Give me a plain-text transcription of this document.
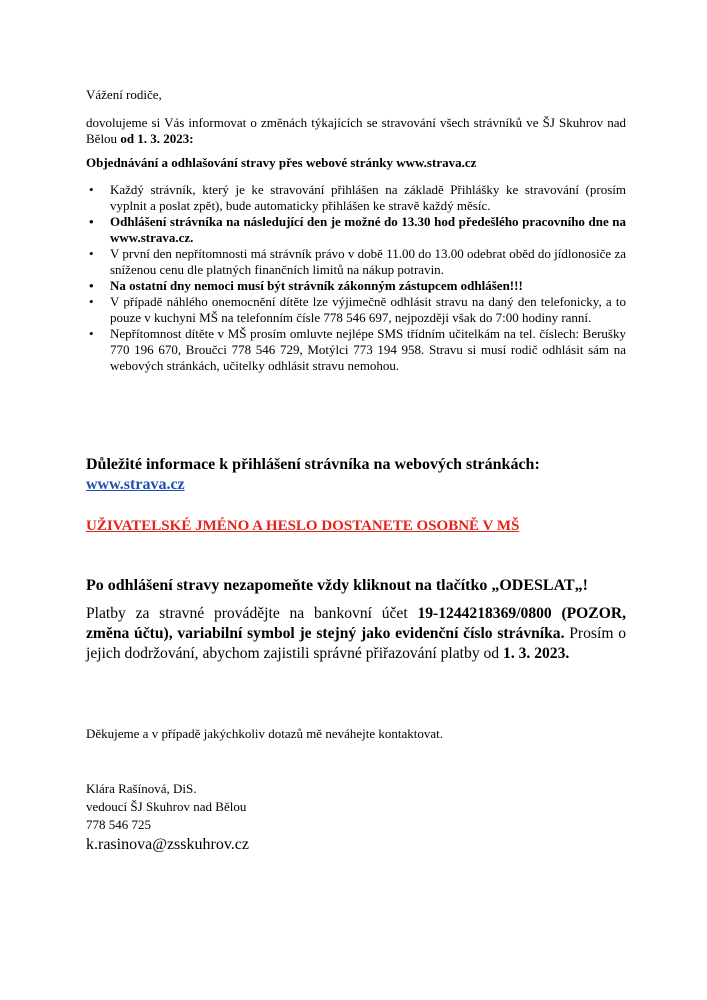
Vážení rodiče,

dovolujeme si Vás informovat o změnách týkajících se stravování všech strávníků ve ŠJ Skuhrov nad Bělou od 1. 3. 2023:

Objednávání a odhlašování stravy přes webové stránky www.strava.cz

• Každý strávník, který je ke stravování přihlášen na základě Přihlášky ke stravování (prosím vyplnit a poslat zpět), bude automaticky přihlášen ke stravě každý měsíc.
• Odhlášení strávníka na následující den je možné do 13.30 hod předešlého pracovního dne na www.strava.cz.
• V první den nepřítomnosti má strávník právo v době 11.00 do 13.00 odebrat oběd do jídlonosiče za sníženou cenu dle platných finančních limitů na nákup potravin.
• Na ostatní dny nemoci musí být strávník zákonným zástupcem odhlášen!!!
• V případě náhlého onemocnění dítěte lze výjimečně odhlásit stravu na daný den telefonicky, a to pouze v kuchyni MŠ na telefonním čísle 778 546 697, nejpozději však do 7:00 hodiny ranní.
• Nepřítomnost dítěte v MŠ prosím omluvte nejlépe SMS třídním učitelkám na tel. číslech: Berušky 770 196 670, Broučci 778 546 729, Motýlci 773 194 958. Stravu si musí rodič odhlásit sám na webových stránkách, učitelky odhlásit stravu nemohou.

Důležité informace k přihlášení strávníka na webových stránkách:

www.strava.cz

UŽIVATELSKÉ JMÉNO A HESLO DOSTANETE OSOBNĚ V MŠ

Po odhlášení stravy nezapomeňte vždy kliknout na tlačítko „ODESLAT„!

Platby za stravné provádějte na bankovní účet 19-1244218369/0800 (POZOR, změna účtu), variabilní symbol je stejný jako evidenční číslo strávníka. Prosím o jejich dodržování, abychom zajistili správné přiřazování platby od 1. 3. 2023.

Děkujeme a v případě jakýchkoliv dotazů mě neváhejte kontaktovat.

Klára Rašínová, DiS.

vedoucí ŠJ Skuhrov nad Bělou

778 546 725

k.rasinova@zsskuhrov.cz
